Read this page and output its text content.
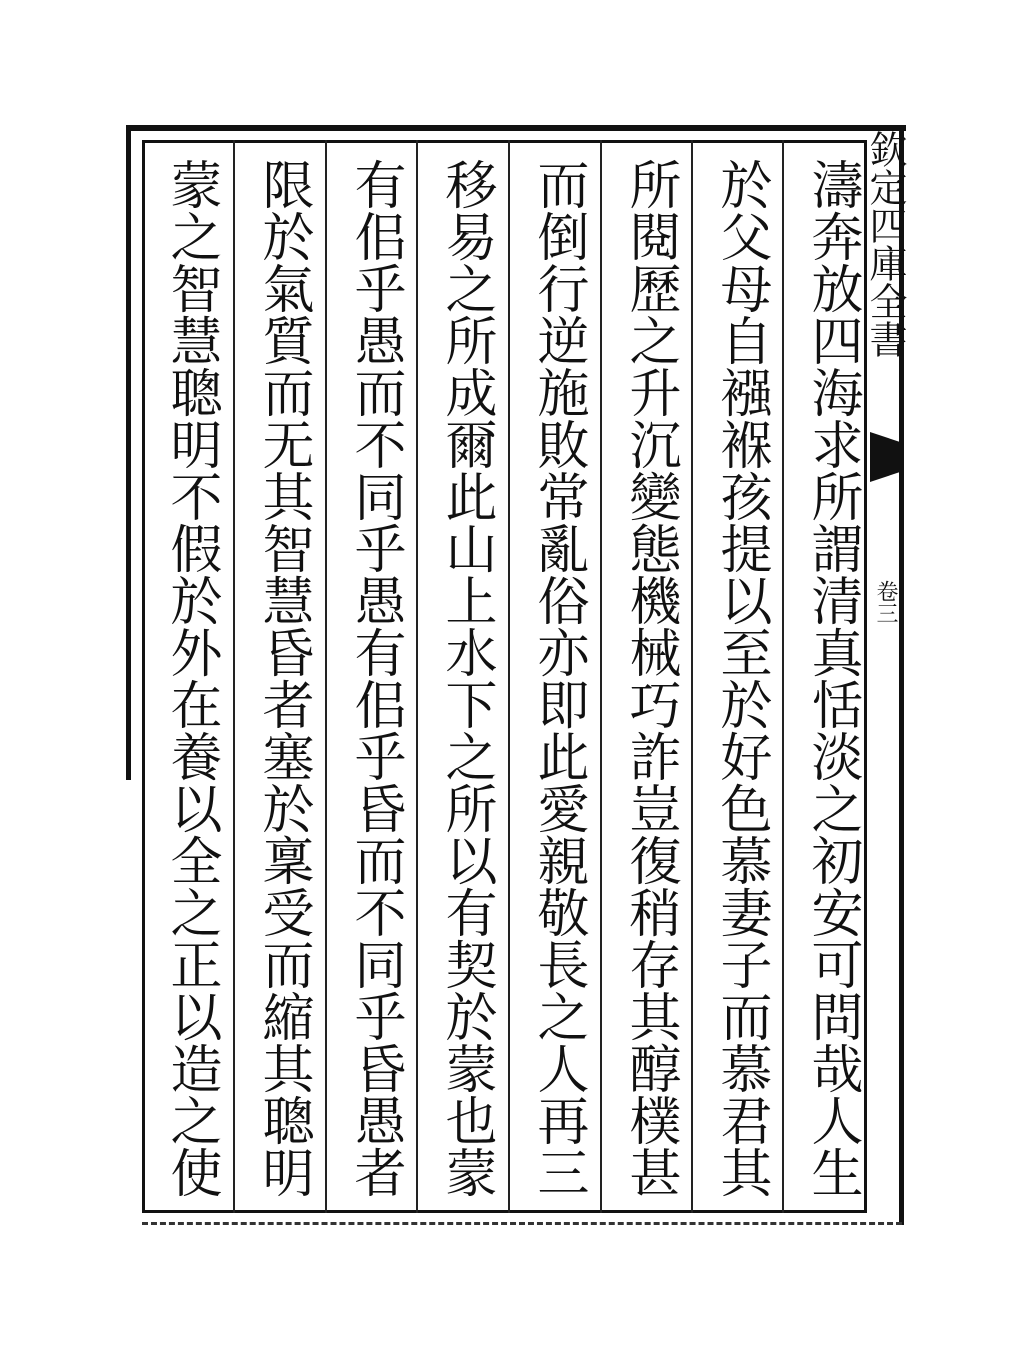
濤奔放四海求所謂清真恬淡之初安可問哉人生
於父母自襁褓孩提以至於好色慕妻子而慕君其
所閱歷之升沉變態機械巧詐豈復稍存其醇樸甚
而倒行逆施敗常亂俗亦即此愛親敬長之人再三
移易之所成爾此山上水下之所以有契於蒙也蒙
有佀乎愚而不同乎愚有佀乎昏而不同乎昏愚者
限於氣質而无其智慧昏者塞於稟受而縮其聰明
蒙之智慧聰明不假於外在養以全之正以造之使	欽定四庫全書
卷三
